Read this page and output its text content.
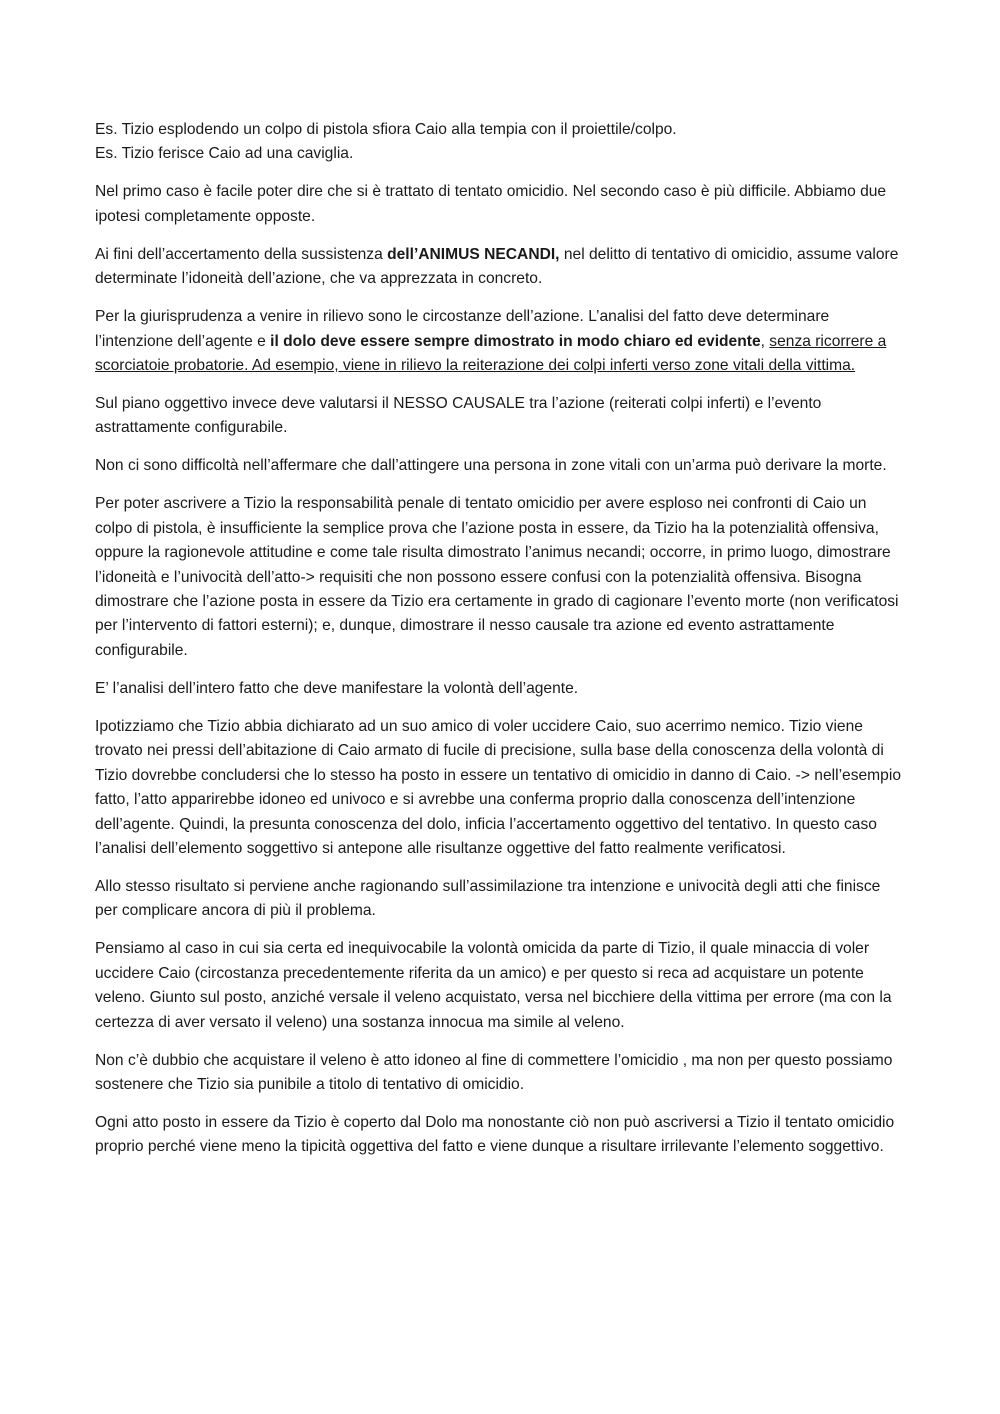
Es. Tizio esplodendo un colpo di pistola sfiora Caio alla tempia con il proiettile/colpo.

Es. Tizio ferisce Caio ad una caviglia.

Nel primo caso è facile poter dire che si è trattato di tentato omicidio. Nel secondo caso è più difficile. Abbiamo due ipotesi completamente opposte.

Ai fini dell’accertamento della sussistenza dell’ANIMUS NECANDI, nel delitto di tentativo di omicidio, assume valore determinate l’idoneità dell’azione, che va apprezzata in concreto.

Per la giurisprudenza a venire in rilievo sono le circostanze dell’azione. L’analisi del fatto deve determinare l’intenzione dell’agente e il dolo deve essere sempre dimostrato in modo chiaro ed evidente, senza ricorrere a scorciatoie probatorie. Ad esempio, viene in rilievo la reiterazione dei colpi inferti verso zone vitali della vittima.

Sul piano oggettivo invece deve valutarsi il NESSO CAUSALE tra l’azione (reiterati colpi inferti) e l’evento astrattamente configurabile.

Non ci sono difficoltà nell’affermare che dall’attingere una persona in zone vitali con un’arma può derivare la morte.

Per poter ascrivere a Tizio la responsabilità penale di tentato omicidio per avere esploso nei confronti di Caio un colpo di pistola, è insufficiente la semplice prova che l’azione posta in essere, da Tizio ha la potenzialità offensiva, oppure la ragionevole attitudine e come tale risulta dimostrato l’animus necandi; occorre, in primo luogo, dimostrare l’idoneità e l’univocità dell’atto-> requisiti che non possono essere confusi con la potenzialità offensiva. Bisogna dimostrare che l’azione posta in essere da Tizio era certamente in grado di cagionare l’evento morte (non verificatosi per l’intervento di fattori esterni); e, dunque, dimostrare il nesso causale tra azione ed evento astrattamente configurabile.

E’ l’analisi dell’intero fatto che deve manifestare la volontà dell’agente.

Ipotizziamo che Tizio abbia dichiarato ad un suo amico di voler uccidere Caio, suo acerrimo nemico. Tizio viene trovato nei pressi dell’abitazione di Caio armato di fucile di precisione, sulla base della conoscenza della volontà di Tizio dovrebbe concludersi che lo stesso ha posto in essere un tentativo di omicidio in danno di Caio. -> nell’esempio fatto, l’atto apparirebbe idoneo ed univoco e si avrebbe una conferma proprio dalla conoscenza dell’intenzione dell’agente. Quindi, la presunta conoscenza del dolo, inficia l’accertamento oggettivo del tentativo. In questo caso l’analisi dell’elemento soggettivo si antepone alle risultanze oggettive del fatto realmente verificatosi.

Allo stesso risultato si perviene anche ragionando sull’assimilazione tra intenzione e univocità degli atti che finisce per complicare ancora di più il problema.

Pensiamo al caso in cui sia certa ed inequivocabile la volontà omicida da parte di Tizio, il quale minaccia di voler uccidere Caio (circostanza precedentemente riferita da un amico) e per questo si reca ad acquistare un potente veleno. Giunto sul posto, anziché versale il veleno acquistato, versa nel bicchiere della vittima per errore (ma con la certezza di aver versato il veleno) una sostanza innocua ma simile al veleno.

Non c’è dubbio che acquistare il veleno è atto idoneo al fine di commettere l’omicidio , ma non per questo possiamo sostenere che Tizio sia punibile a titolo di tentativo di omicidio.

Ogni atto posto in essere da Tizio è coperto dal Dolo ma nonostante ciò non può ascriversi a Tizio il tentato omicidio proprio perché viene meno la tipicità oggettiva del fatto e viene dunque a risultare irrilevante l’elemento soggettivo.
